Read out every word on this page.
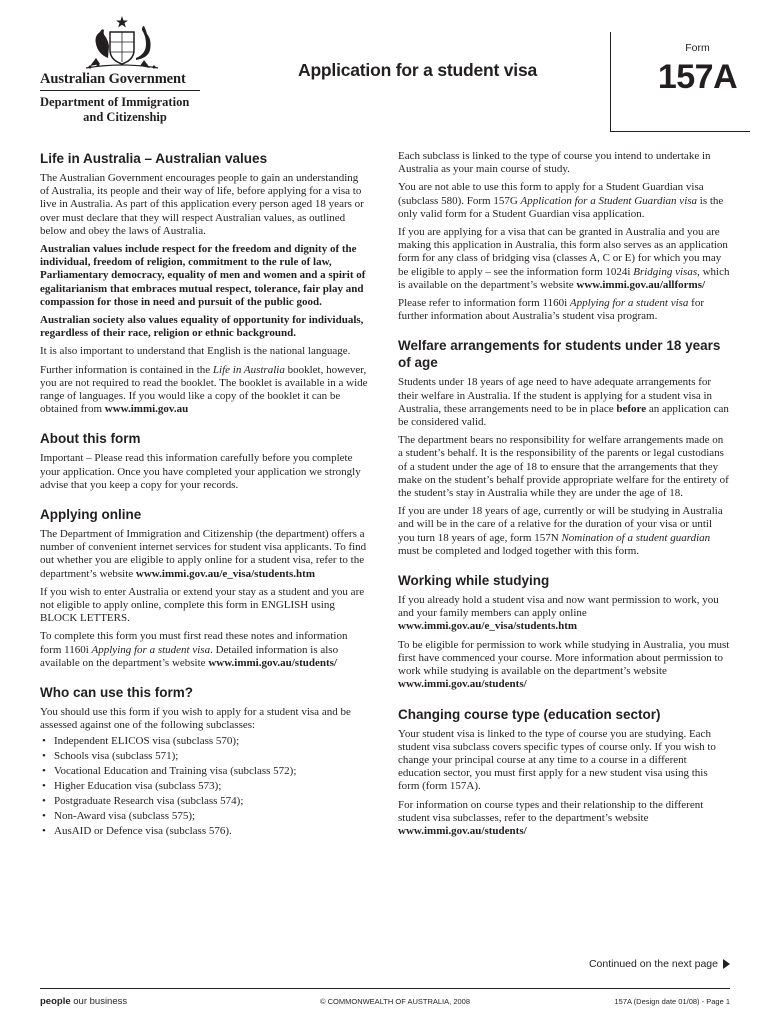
Australian Government
Department of Immigration
and Citizenship
Application for a student visa
Form
157A
Life in Australia – Australian values

The Australian Government encourages people to gain an understanding of Australia, its people and their way of life, before applying for a visa to live in Australia. As part of this application every person aged 18 years or over must declare that they will respect Australian values, as outlined below and obey the laws of Australia.

Australian values include respect for the freedom and dignity of the individual, freedom of religion, commitment to the rule of law, Parliamentary democracy, equality of men and women and a spirit of egalitarianism that embraces mutual respect, tolerance, fair play and compassion for those in need and pursuit of the public good.

Australian society also values equality of opportunity for individuals, regardless of their race, religion or ethnic background.

It is also important to understand that English is the national language.

Further information is contained in the Life in Australia booklet, however, you are not required to read the booklet. The booklet is available in a wide range of languages. If you would like a copy of the booklet it can be obtained from www.immi.gov.au

About this form

Important – Please read this information carefully before you complete your application. Once you have completed your application we strongly advise that you keep a copy for your records.

Applying online

The Department of Immigration and Citizenship (the department) offers a number of convenient internet services for student visa applicants. To find out whether you are eligible to apply online for a student visa, refer to the department’s website www.immi.gov.au/e_visa/students.htm

If you wish to enter Australia or extend your stay as a student and you are not eligible to apply online, complete this form in ENGLISH using BLOCK LETTERS.

To complete this form you must first read these notes and information form 1160i Applying for a student visa. Detailed information is also available on the department’s website www.immi.gov.au/students/

Who can use this form?

You should use this form if you wish to apply for a student visa and be assessed against one of the following subclasses:

• Independent ELICOS visa (subclass 570);
• Schools visa (subclass 571);
• Vocational Education and Training visa (subclass 572);
• Higher Education visa (subclass 573);
• Postgraduate Research visa (subclass 574);
• Non-Award visa (subclass 575);
• AusAID or Defence visa (subclass 576).

Each subclass is linked to the type of course you intend to undertake in Australia as your main course of study.

You are not able to use this form to apply for a Student Guardian visa (subclass 580). Form 157G Application for a Student Guardian visa is the only valid form for a Student Guardian visa application.

If you are applying for a visa that can be granted in Australia and you are making this application in Australia, this form also serves as an application form for any class of bridging visa (classes A, C or E) for which you may be eligible to apply – see the information form 1024i Bridging visas, which is available on the department’s website www.immi.gov.au/allforms/

Please refer to information form 1160i Applying for a student visa for further information about Australia’s student visa program.

Welfare arrangements for students under 18 years of age

Students under 18 years of age need to have adequate arrangements for their welfare in Australia. If the student is applying for a student visa in Australia, these arrangements need to be in place before an application can be considered valid.

The department bears no responsibility for welfare arrangements made on a student’s behalf. It is the responsibility of the parents or legal custodians of a student under the age of 18 to ensure that the arrangements that they make on the student’s behalf provide appropriate welfare for the entirety of the student’s stay in Australia while they are under the age of 18.

If you are under 18 years of age, currently or will be studying in Australia and will be in the care of a relative for the duration of your visa or until you turn 18 years of age, form 157N Nomination of a student guardian must be completed and lodged together with this form.

Working while studying

If you already hold a student visa and now want permission to work, you and your family members can apply online www.immi.gov.au/e_visa/students.htm

To be eligible for permission to work while studying in Australia, you must first have commenced your course. More information about permission to work while studying is available on the department’s website www.immi.gov.au/students/

Changing course type (education sector)

Your student visa is linked to the type of course you are studying. Each student visa subclass covers specific types of course only. If you wish to change your principal course at any time to a course in a different education sector, you must first apply for a new student visa using this form (form 157A).

For information on course types and their relationship to the different student visa subclasses, refer to the department’s website www.immi.gov.au/students/

Continued on the next page
people our business	© COMMONWEALTH OF AUSTRALIA, 2008	157A (Design date 01/08) - Page 1
